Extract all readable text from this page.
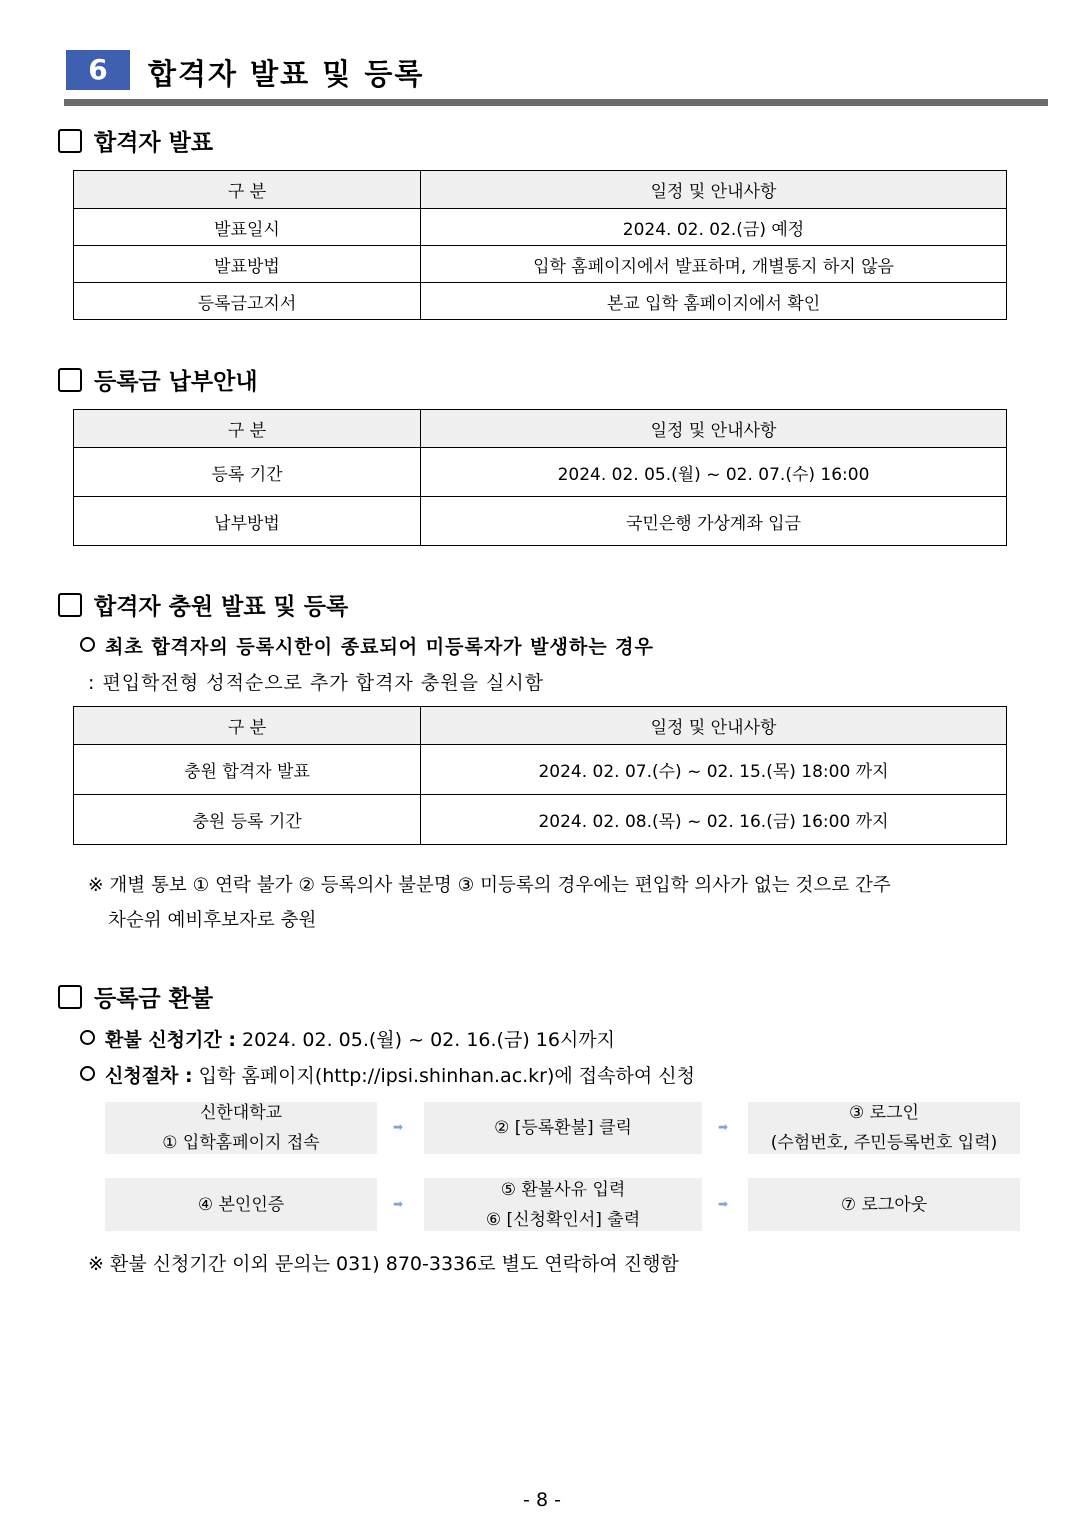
6	합격자 발표 및 등록
합격자 발표
구 분	일정 및 안내사항
발표일시	2024. 02. 02.(금) 예정
발표방법	입학 홈페이지에서 발표하며, 개별통지 하지 않음
등록금고지서	본교 입학 홈페이지에서 확인
등록금 납부안내
구 분	일정 및 안내사항
등록 기간	2024. 02. 05.(월) ~ 02. 07.(수) 16:00
납부방법	국민은행 가상계좌 입금
합격자 충원 발표 및 등록
최초 합격자의 등록시한이 종료되어 미등록자가 발생하는 경우
: 편입학전형 성적순으로 추가 합격자 충원을 실시함
구 분	일정 및 안내사항
충원 합격자 발표	2024. 02. 07.(수) ~ 02. 15.(목) 18:00 까지
충원 등록 기간	2024. 02. 08.(목) ~ 02. 16.(금) 16:00 까지
※ 개별 통보 ① 연락 불가 ② 등록의사 불분명 ③ 미등록의 경우에는 편입학 의사가 없는 것으로 간주
차순위 예비후보자로 충원
등록금 환불
환불 신청기간 : 2024. 02. 05.(월) ~ 02. 16.(금) 16시까지
신청절차 : 입학 홈페이지(http://ipsi.shinhan.ac.kr)에 접속하여 신청
신한대학교
① 입학홈페이지 접속
➡	② [등록환불] 클릭	➡
③ 로그인
(수험번호, 주민등록번호 입력)
④ 본인인증	➡
⑤ 환불사유 입력
⑥ [신청확인서] 출력
➡	⑦ 로그아웃
※ 환불 신청기간 이외 문의는 031) 870-3336로 별도 연락하여 진행함
- 8 -
